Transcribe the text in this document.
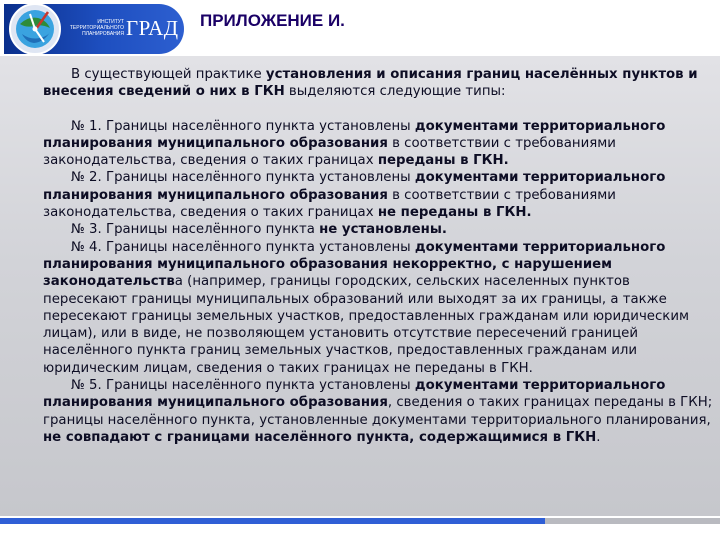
ИНСТИТУТ
ТЕРРИТОРИАЛЬНОГО
ПЛАНИРОВАНИЯ ГРАД ПРИЛОЖЕНИЕ И.

В существующей практике установления и описания границ населённых пунктов и внесения сведений о них в ГКН выделяются следующие типы:

№ 1. Границы населённого пункта установлены документами территориального планирования муниципального образования в соответствии с требованиями законодательства, сведения о таких границах переданы в ГКН.

№ 2. Границы населённого пункта установлены документами территориального планирования муниципального образования в соответствии с требованиями законодательства, сведения о таких границах не переданы в ГКН.

№ 3. Границы населённого пункта не установлены.

№ 4. Границы населённого пункта установлены документами территориального планирования муниципального образования некорректно, с нарушением законодательства (например, границы городских, сельских населенных пунктов пересекают границы муниципальных образований или выходят за их границы, а также пересекают границы земельных участков, предоставленных гражданам или юридическим лицам), или в виде, не позволяющем установить отсутствие пересечений границей населённого пункта границ земельных участков, предоставленных гражданам или юридическим лицам, сведения о таких границах не переданы в ГКН.

№ 5. Границы населённого пункта установлены документами территориального планирования муниципального образования, сведения о таких границах переданы в ГКН; границы населённого пункта, установленные документами территориального планирования, не совпадают с границами населённого пункта, содержащимися в ГКН.
